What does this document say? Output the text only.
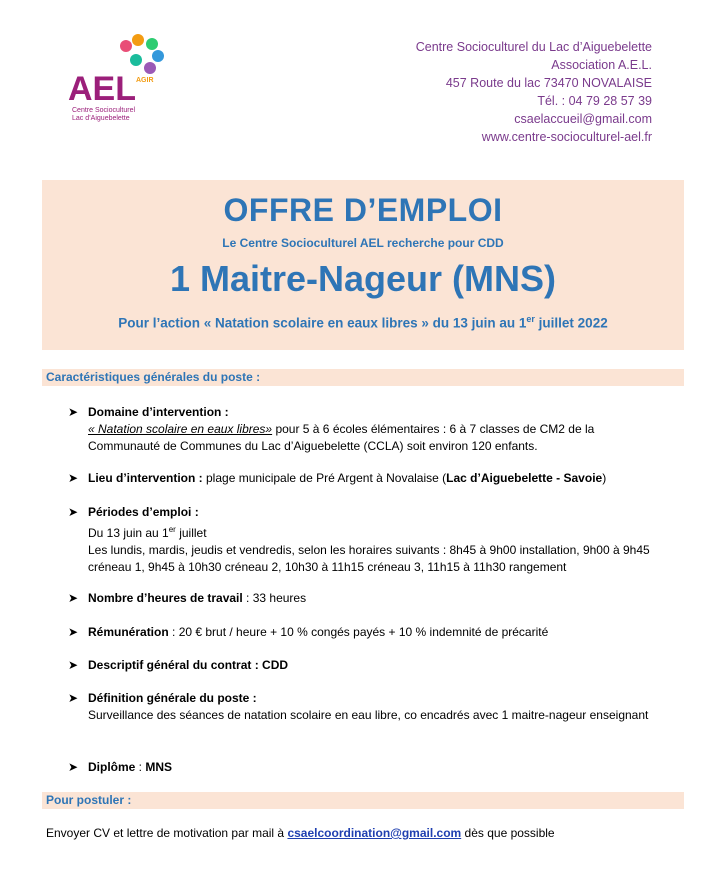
AEL AGIR
Centre Socioculturel
Lac d’Aiguebelette
Centre Socioculturel du Lac d’Aiguebelette
Association A.E.L.
457 Route du lac 73470 NOVALAISE
Tél. : 04 79 28 57 39
csaelaccueil@gmail.com
www.centre-socioculturel-ael.fr
OFFRE D’EMPLOI
Le Centre Socioculturel AEL recherche pour CDD
1 Maitre-Nageur (MNS)
Pour l’action « Natation scolaire en eaux libres » du 13 juin au 1er juillet 2022
Caractéristiques générales du poste :
➤ Domaine d’intervention :
« Natation scolaire en eaux libres» pour 5 à 6 écoles élémentaires : 6 à 7 classes de CM2 de la
Communauté de Communes du Lac d’Aiguebelette (CCLA) soit environ 120 enfants.
➤ Lieu d’intervention : plage municipale de Pré Argent à Novalaise (Lac d’Aiguebelette - Savoie)
➤ Périodes d’emploi :
Du 13 juin au 1er juillet
Les lundis, mardis, jeudis et vendredis, selon les horaires suivants : 8h45 à 9h00 installation, 9h00 à 9h45
créneau 1, 9h45 à 10h30 créneau 2, 10h30 à 11h15 créneau 3, 11h15 à 11h30 rangement
➤ Nombre d’heures de travail : 33 heures
➤ Rémunération : 20 € brut / heure + 10 % congés payés + 10 % indemnité de précarité
➤ Descriptif général du contrat : CDD
➤ Définition générale du poste :
Surveillance des séances de natation scolaire en eau libre, co encadrés avec 1 maitre-nageur enseignant
➤ Diplôme : MNS
Pour postuler :
Envoyer CV et lettre de motivation par mail à csaelcoordination@gmail.com dès que possible
